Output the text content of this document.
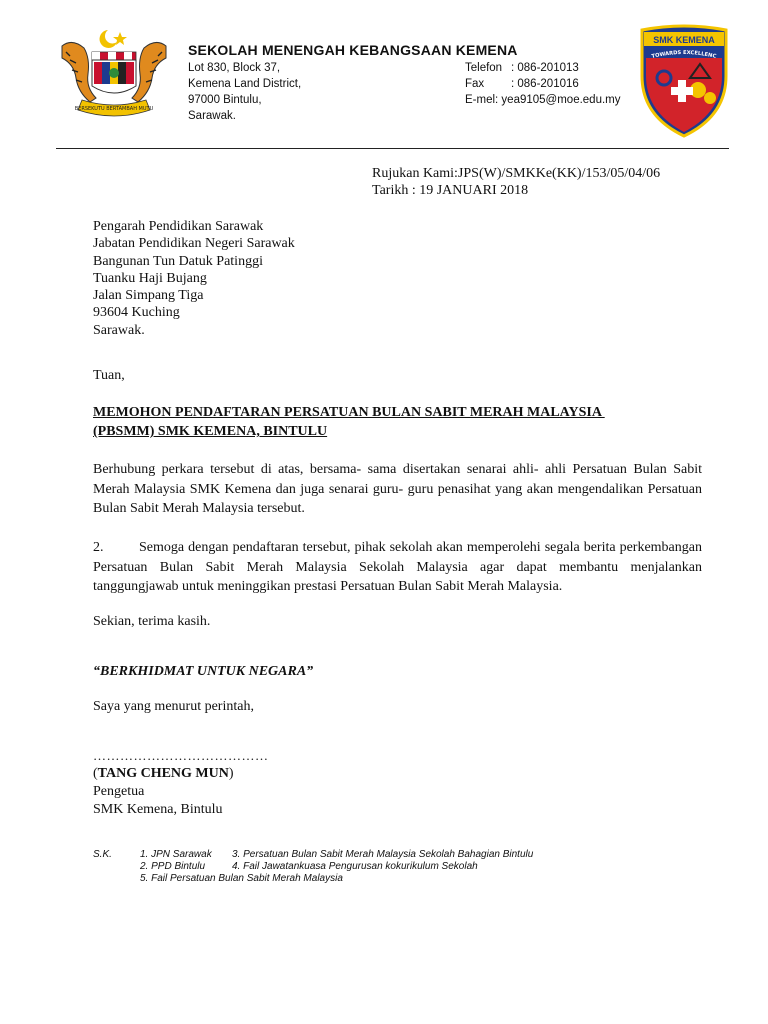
BERSEKUTU BERTAMBAH MUTU
SEKOLAH MENENGAH KEBANGSAAN KEMENA
Lot 830, Block 37,
Kemena Land District,
97000 Bintulu,
Sarawak.
Telefon : 086-201013
Fax	: 086-201016
E-mel : yea9105@moe.edu.my
SMK KEMENA
TOWARDS EXCELLENC
Rujukan Kami:JPS(W)/SMKKe(KK)/153/05/04/06
Tarikh : 19 JANUARI 2018
Pengarah Pendidikan Sarawak
Jabatan Pendidikan Negeri Sarawak
Bangunan Tun Datuk Patinggi
Tuanku Haji Bujang
Jalan Simpang Tiga
93604 Kuching
Sarawak.
Tuan,
MEMOHON PENDAFTARAN PERSATUAN BULAN SABIT MERAH MALAYSIA
(PBSMM) SMK KEMENA, BINTULU
Berhubung perkara tersebut di atas, bersama- sama disertakan senarai ahli- ahli Persatuan Bulan Sabit Merah Malaysia SMK Kemena dan juga senarai guru- guru penasihat yang akan mengendalikan Persatuan Bulan Sabit Merah Malaysia tersebut.
2.	Semoga dengan pendaftaran tersebut, pihak sekolah akan memperolehi segala berita perkembangan Persatuan Bulan Sabit Merah Malaysia Sekolah Malaysia agar dapat membantu menjalankan tanggungjawab untuk meninggikan prestasi Persatuan Bulan Sabit Merah Malaysia.
Sekian, terima kasih.
“BERKHIDMAT UNTUK NEGARA”
Saya yang menurut perintah,
…………………………………
(TANG CHENG MUN)
Pengetua
SMK Kemena, Bintulu
S.K.	1. JPN Sarawak 3. Persatuan Bulan Sabit Merah Malaysia Sekolah Bahagian Bintulu
2. PPD Bintulu	4. Fail Jawatankuasa Pengurusan kokurikulum Sekolah
5. Fail Persatuan Bulan Sabit Merah Malaysia
